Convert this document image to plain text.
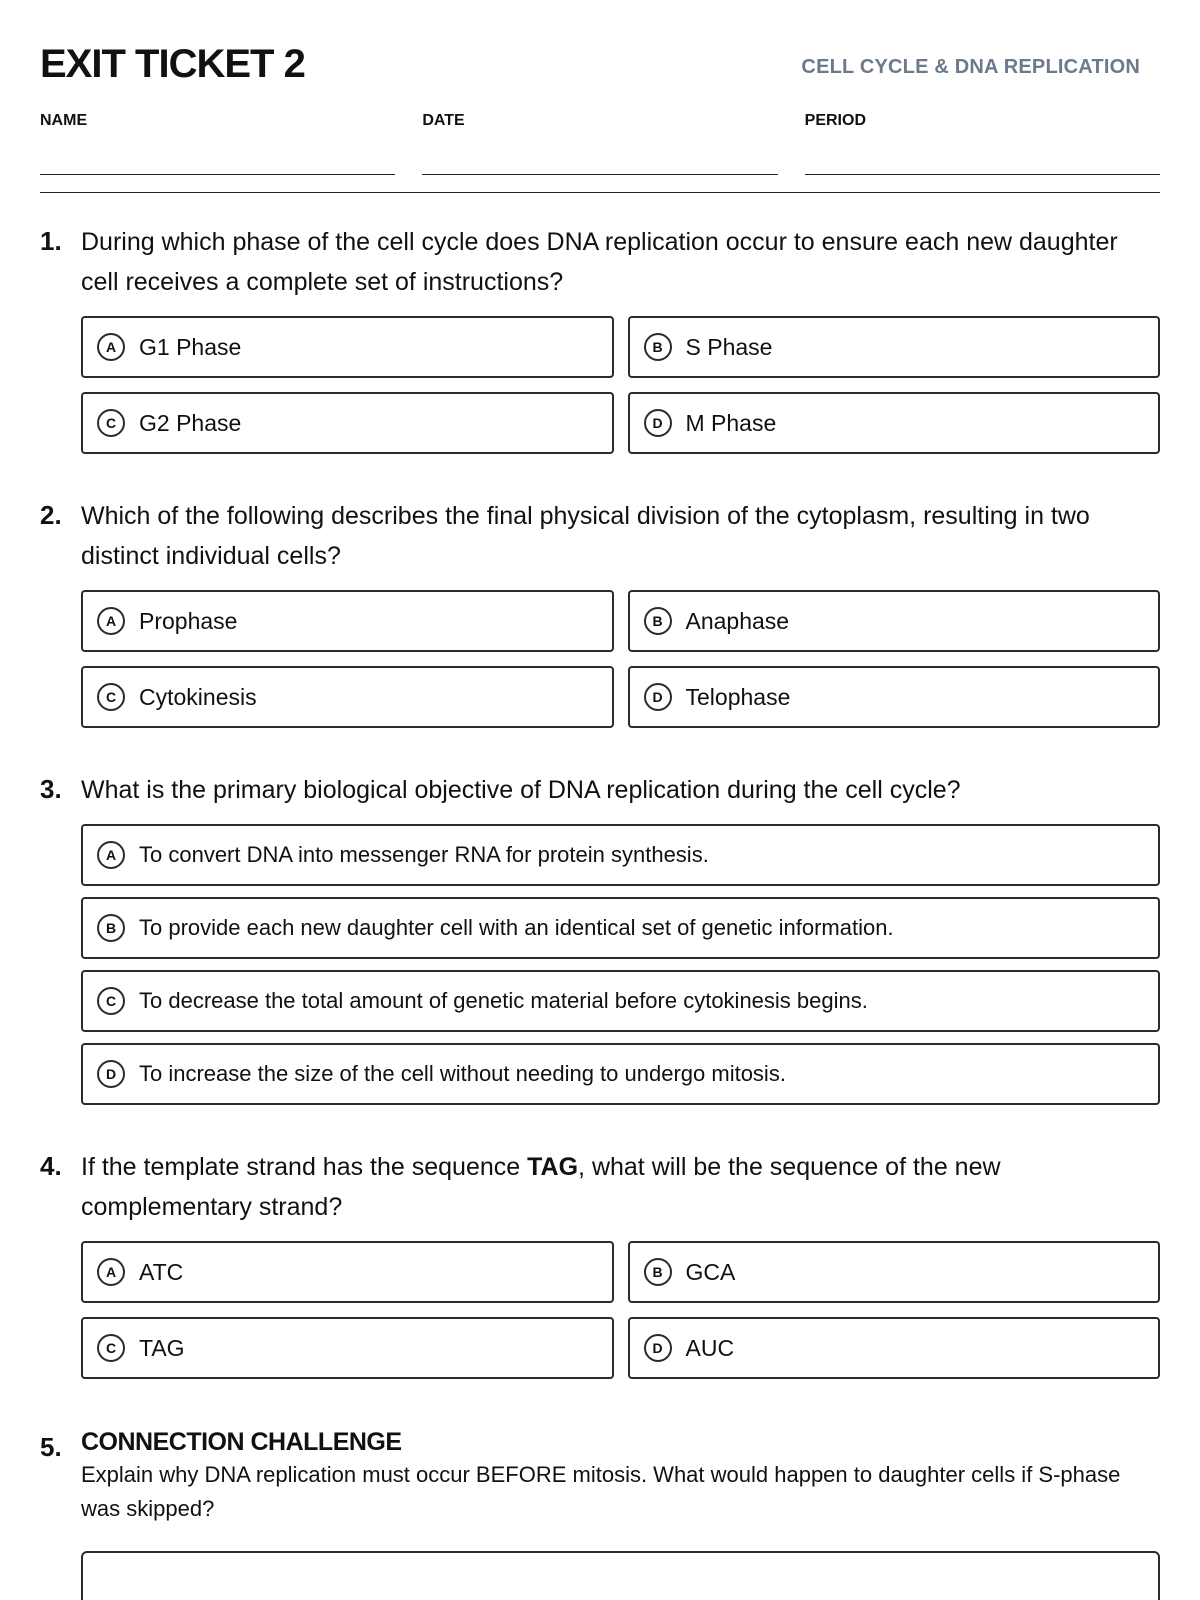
EXIT TICKET 2	CELL CYCLE & DNA REPLICATION
NAME	DATE	PERIOD
1. During which phase of the cell cycle does DNA replication occur to ensure each new daughter cell receives a complete set of instructions?
A G1 Phase	B S Phase
C G2 Phase	D M Phase
2. Which of the following describes the final physical division of the cytoplasm, resulting in two distinct individual cells?
A Prophase	B Anaphase
C Cytokinesis	D Telophase
3. What is the primary biological objective of DNA replication during the cell cycle?
A	To convert DNA into messenger RNA for protein synthesis.
B	To provide each new daughter cell with an identical set of genetic information.
C	To decrease the total amount of genetic material before cytokinesis begins.
D	To increase the size of the cell without needing to undergo mitosis.
4. If the template strand has the sequence TAG, what will be the sequence of the new complementary strand?
A ATC	B GCA
C TAG	D AUC
5. CONNECTION CHALLENGE
Explain why DNA replication must occur BEFORE mitosis. What would happen to daughter cells if S-phase was skipped?
